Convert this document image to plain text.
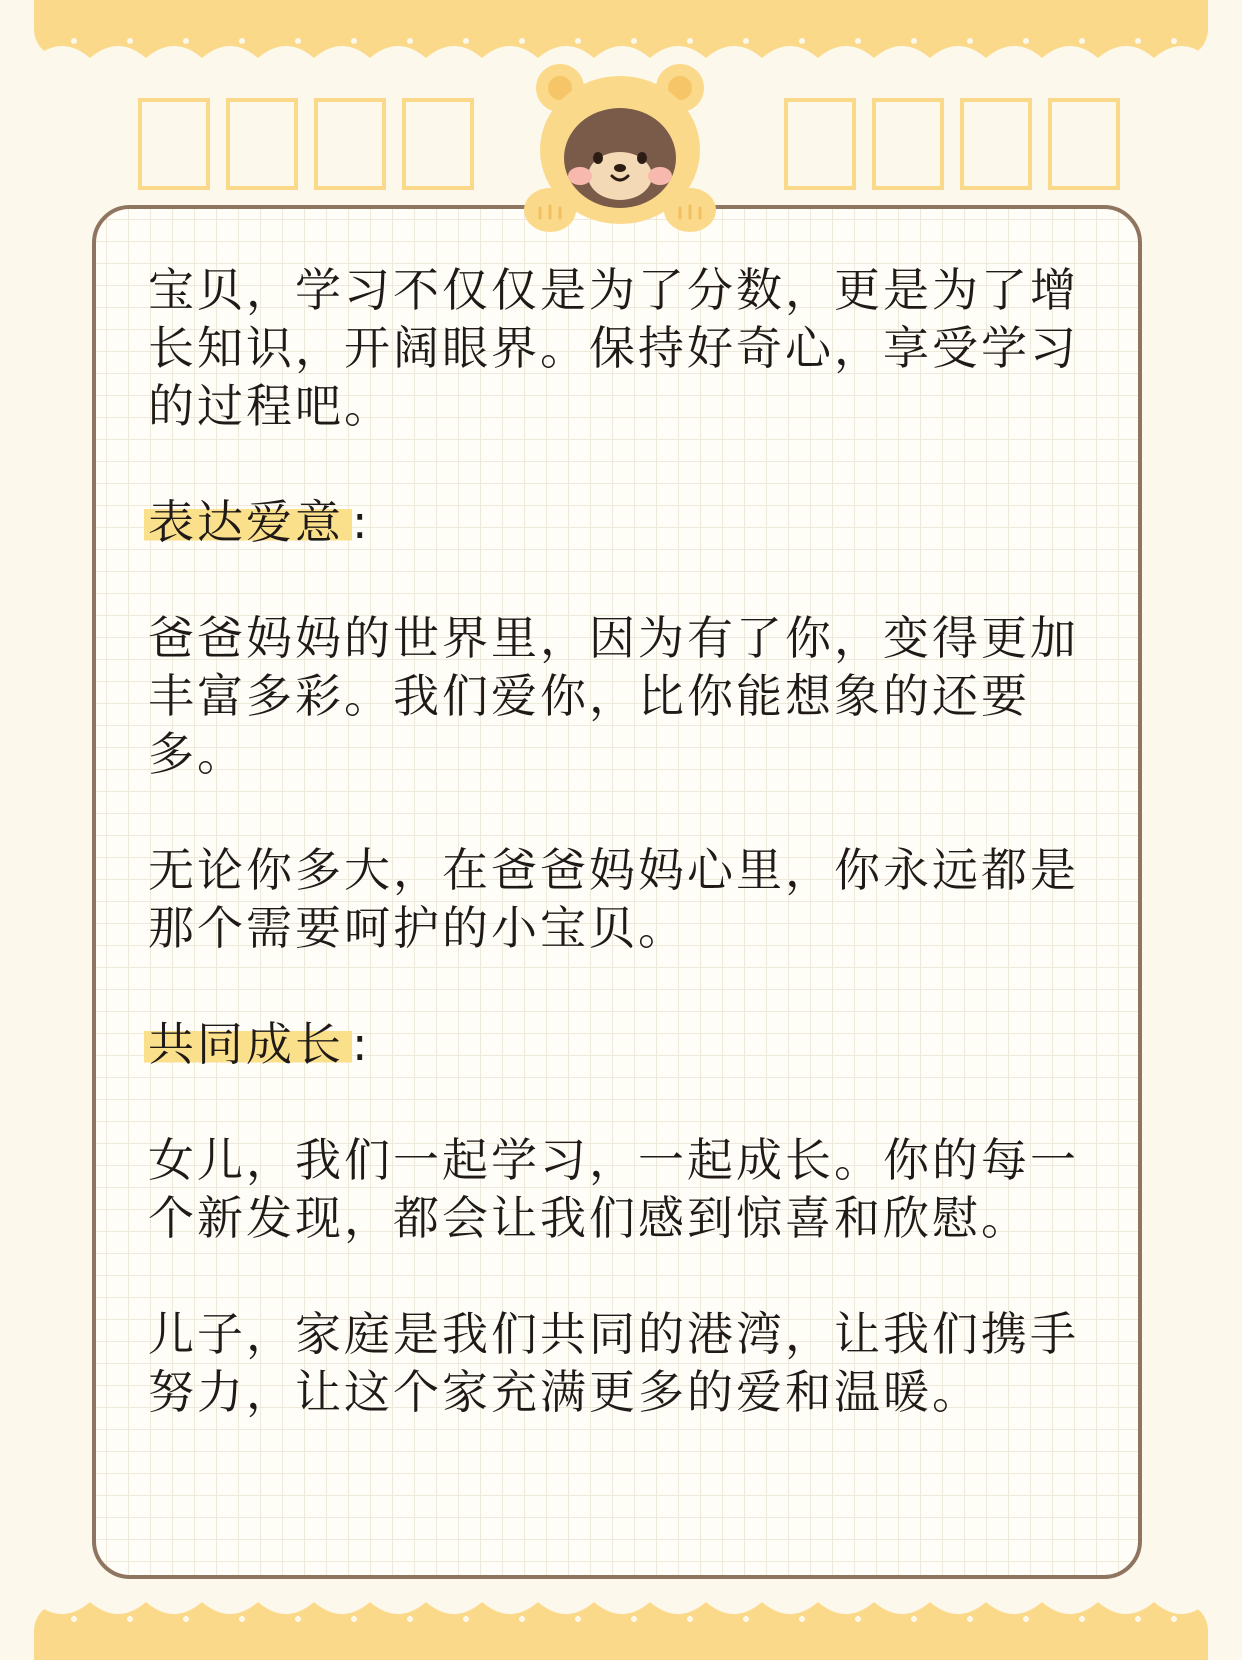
宝贝，学习不仅仅是为了分数，更是为了增长知识，开阔眼界。保持好奇心，享受学习的过程吧。

表达爱意 :

爸爸妈妈的世界里，因为有了你，变得更加丰富多彩。我们爱你，比你能想象的还要多。

无论你多大，在爸爸妈妈心里，你永远都是那个需要呵护的小宝贝。

共同成长 :

女儿，我们一起学习，一起成长。你的每一个新发现，都会让我们感到惊喜和欣慰。

儿子，家庭是我们共同的港湾，让我们携手努力，让这个家充满更多的爱和温暖。
